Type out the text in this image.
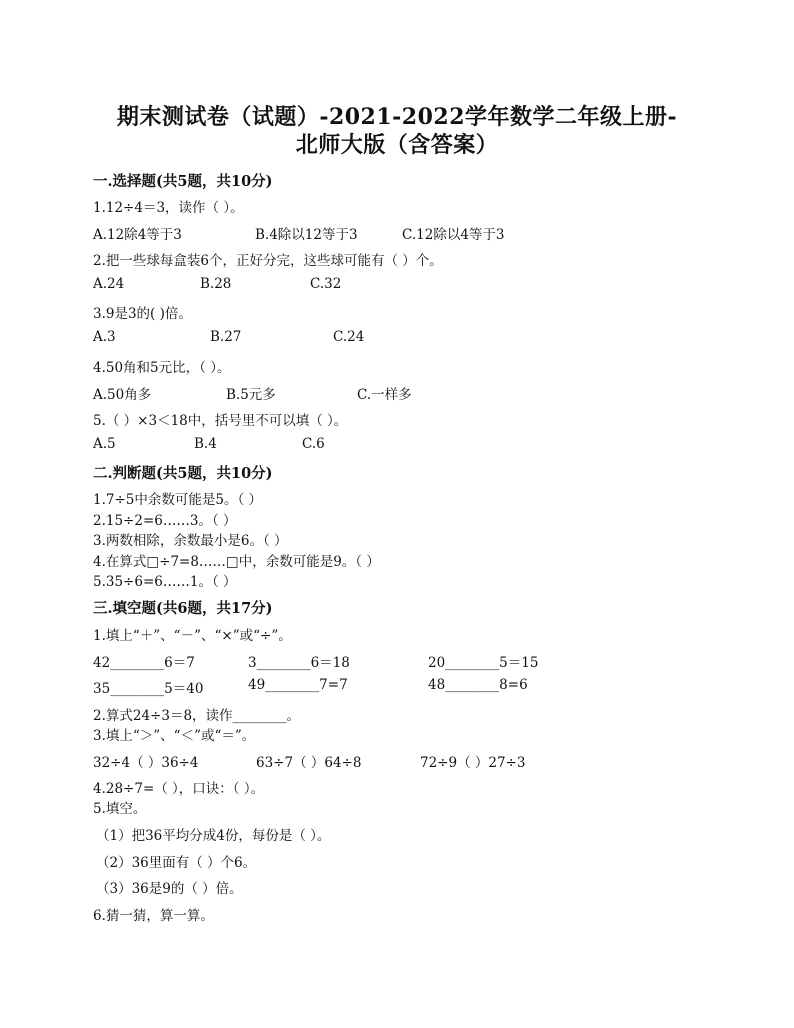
期末测试卷（试题）-2021-2022学年数学二年级上册-
北师大版（含答案）
一.选择题(共5题，共10分)
1.12÷4＝3，读作（ ）。
A.12除4等于3	B.4除以12等于3	C.12除以4等于3
2.把一些球每盒装6个，正好分完，这些球可能有（ ）个。
A.24	B.28	C.32
3.9是3的( )倍。
A.3	B.27	C.24
4.50角和5元比，（ ）。
A.50角多	B.5元多	C.一样多
5.（ ）×3＜18中，括号里不可以填（ ）。
A.5	B.4	C.6
二.判断题(共5题，共10分)
1.7÷5中余数可能是5。（ ）
2.15÷2=6……3。（ ）
3.两数相除，余数最小是6。（ ）
4.在算式□÷7=8……□中，余数可能是9。（ ）
5.35÷6=6……1。（ ）
三.填空题(共6题，共17分)
1.填上“＋”、“－”、“×”或“÷”。
42________6＝7	3________6＝18	20________5＝15
35________5＝40	49________7=7	48________8=6
2.算式24÷3＝8，读作________。
3.填上“＞”、“＜”或“＝”。
32÷4（ ）36÷4	63÷7（ ）64÷8	72÷9（ ）27÷3
4.28÷7=（ ），口诀：（ ）。
5.填空。
（1）把36平均分成4份，每份是（ ）。
（2）36里面有（ ）个6。
（3）36是9的（ ）倍。
6.猜一猜，算一算。
